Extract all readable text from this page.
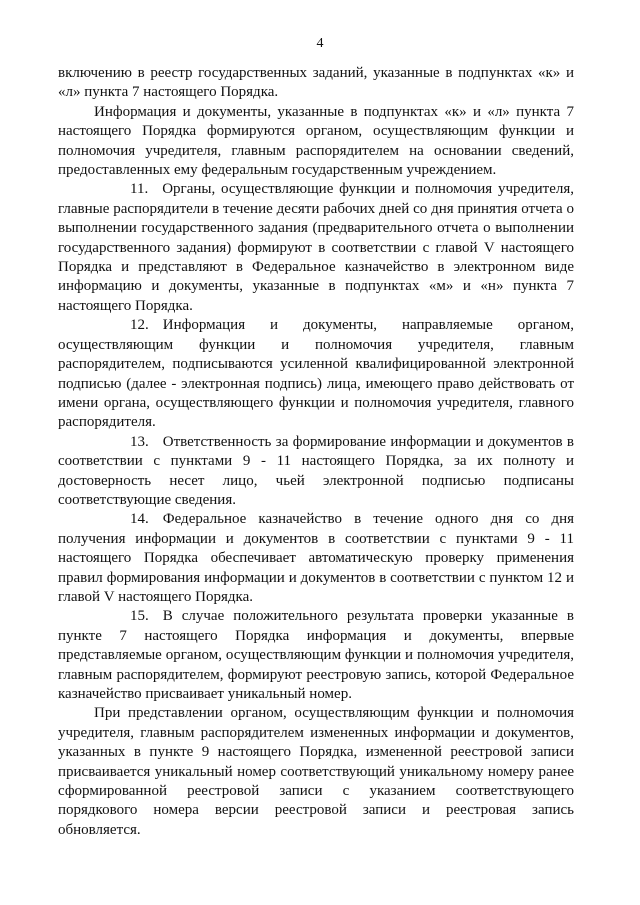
4

включению в реестр государственных заданий, указанные в подпунктах «к» и «л» пункта 7 настоящего Порядка.

Информация и документы, указанные в подпунктах «к» и «л» пункта 7 настоящего Порядка формируются органом, осуществляющим функции и полномочия учредителя, главным распорядителем на основании сведений, предоставленных ему федеральным государственным учреждением.

11. Органы, осуществляющие функции и полномочия учредителя, главные распорядители в течение десяти рабочих дней со дня принятия отчета о выполнении государственного задания (предварительного отчета о выполнении государственного задания) формируют в соответствии с главой V настоящего Порядка и представляют в Федеральное казначейство в электронном виде информацию и документы, указанные в подпунктах «м» и «н» пункта 7 настоящего Порядка.

12. Информация и документы, направляемые органом, осуществляющим функции и полномочия учредителя, главным распорядителем, подписываются усиленной квалифицированной электронной подписью (далее - электронная подпись) лица, имеющего право действовать от имени органа, осуществляющего функции и полномочия учредителя, главного распорядителя.

13. Ответственность за формирование информации и документов в соответствии с пунктами 9 - 11 настоящего Порядка, за их полноту и достоверность несет лицо, чьей электронной подписью подписаны соответствующие сведения.

14. Федеральное казначейство в течение одного дня со дня получения информации и документов в соответствии с пунктами 9 - 11 настоящего Порядка обеспечивает автоматическую проверку применения правил формирования информации и документов в соответствии с пунктом 12 и главой V настоящего Порядка.

15. В случае положительного результата проверки указанные в пункте 7 настоящего Порядка информация и документы, впервые представляемые органом, осуществляющим функции и полномочия учредителя, главным распорядителем, формируют реестровую запись, которой Федеральное казначейство присваивает уникальный номер.

При представлении органом, осуществляющим функции и полномочия учредителя, главным распорядителем измененных информации и документов, указанных в пункте 9 настоящего Порядка, измененной реестровой записи присваивается уникальный номер соответствующий уникальному номеру ранее сформированной реестровой записи с указанием соответствующего порядкового номера версии реестровой записи и реестровая запись обновляется.
